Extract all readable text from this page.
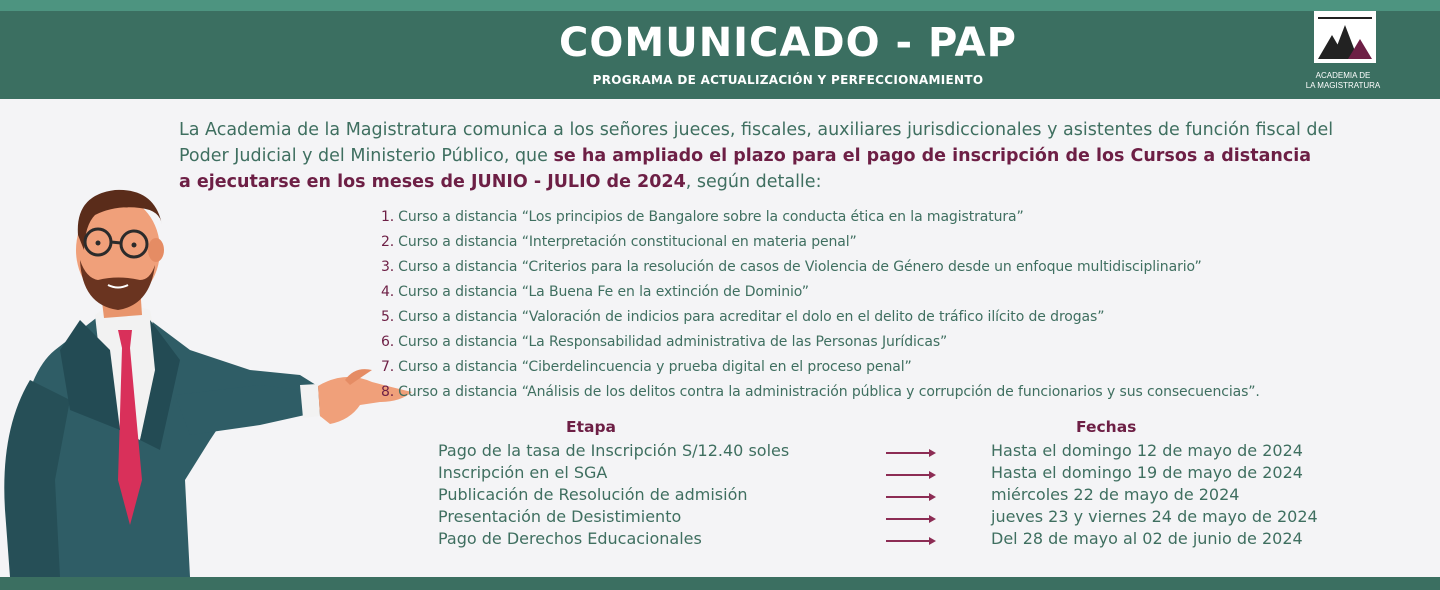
COMUNICADO - PAP
PROGRAMA DE ACTUALIZACIÓN Y PERFECCIONAMIENTO	ACADEMIA DE
LA MAGISTRATURA
La Academia de la Magistratura comunica a los señores jueces, fiscales, auxiliares jurisdiccionales y asistentes de función fiscal del
Poder Judicial y del Ministerio Público, que se ha ampliado el plazo para el pago de inscripción de los Cursos a distancia
a ejecutarse en los meses de JUNIO - JULIO de 2024, según detalle:
1. Curso a distancia “Los principios de Bangalore sobre la conducta ética en la magistratura”
2. Curso a distancia “Interpretación constitucional en materia penal”
3. Curso a distancia “Criterios para la resolución de casos de Violencia de Género desde un enfoque multidisciplinario”
4. Curso a distancia “La Buena Fe en la extinción de Dominio”
5. Curso a distancia “Valoración de indicios para acreditar el dolo en el delito de tráfico ilícito de drogas”
6. Curso a distancia “La Responsabilidad administrativa de las Personas Jurídicas”
7. Curso a distancia “Ciberdelincuencia y prueba digital en el proceso penal”
8. Curso a distancia “Análisis de los delitos contra la administración pública y corrupción de funcionarios y sus consecuencias”.
Etapa	Fechas
Pago de la tasa de Inscripción S/12.40 soles
Inscripción en el SGA
Publicación de Resolución de admisión
Presentación de Desistimiento
Pago de Derechos Educacionales
Hasta el domingo 12 de mayo de 2024
Hasta el domingo 19 de mayo de 2024
miércoles 22 de mayo de 2024
jueves 23 y viernes 24 de mayo de 2024
Del 28 de mayo al 02 de junio de 2024
